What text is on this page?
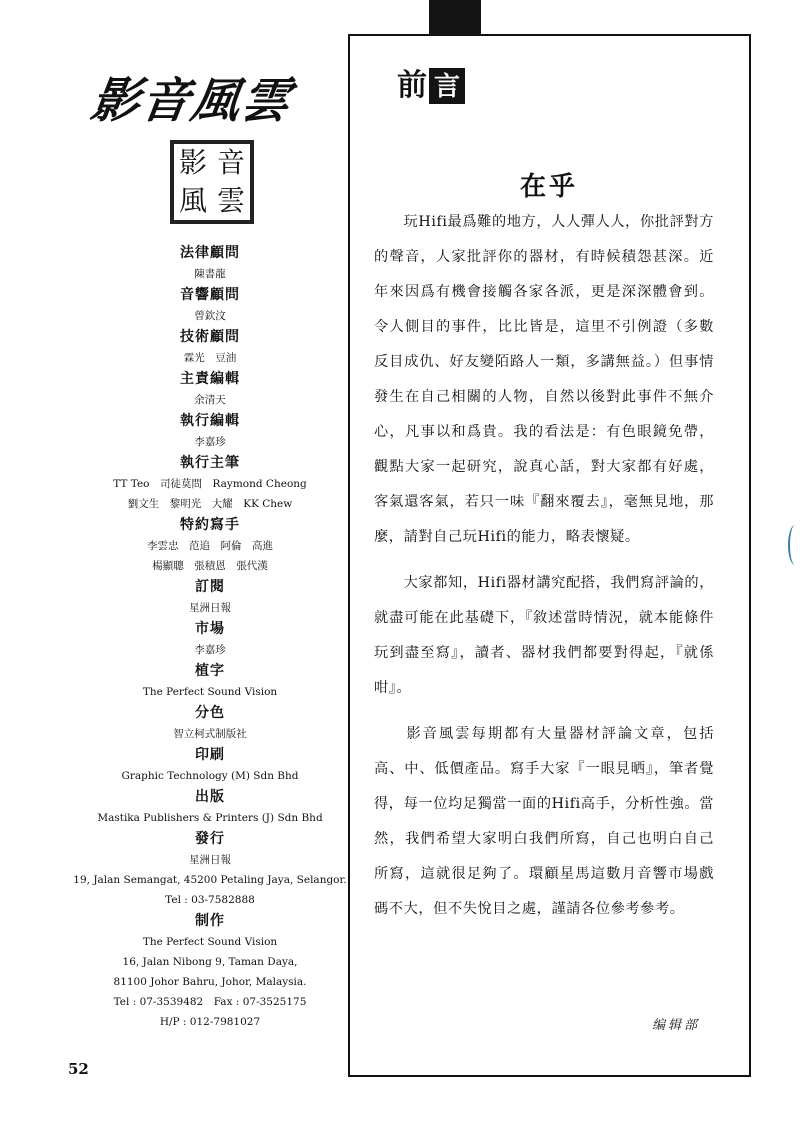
影音風雲
影 音
風 雲
法律顧問
陳書龍
音響顧問
曾欽汶
技術顧問
霖光　豆油
主責編輯
余清天
執行編輯
李嘉珍
執行主筆
TT Teo　司徒莫問　Raymond Cheong
劉文生　黎明光　大耀　KK Chew
特約寫手
李雲忠　范追　阿倫　高進
楊顯聰　張積恩　張代漢
訂閱
星洲日報
市場
李嘉珍
植字
The Perfect Sound Vision
分色
智立柯式制版社
印刷
Graphic Technology (M) Sdn Bhd
出版
Mastika Publishers & Printers (J) Sdn Bhd
發行
星洲日報
19, Jalan Semangat, 45200 Petaling Jaya, Selangor.
Tel : 03-7582888
制作
The Perfect Sound Vision
16, Jalan Nibong 9, Taman Daya,
81100 Johor Bahru, Johor, Malaysia.
Tel : 07-3539482　Fax : 07-3525175
H/P : 012-7981027
52
前 言
在乎

　　玩Hifi最爲難的地方，人人彈人人，你批評對方的聲音，人家批評你的器材，有時候積怨甚深。近年來因爲有機會接觸各家各派，更是深深體會到。令人側目的事件，比比皆是，這里不引例證（多數反目成仇、好友變陌路人一類，多講無益。）但事情發生在自己相關的人物，自然以後對此事件不無介心，凡事以和爲貴。我的看法是：有色眼鏡免帶，觀點大家一起研究，說真心話，對大家都有好處，客氣還客氣，若只一味『翻來覆去』，毫無見地，那麼，請對自己玩Hifi的能力，略表懷疑。

　　大家都知，Hifi器材講究配搭，我們寫評論的，就盡可能在此基礎下，『敘述當時情況，就本能條件玩到盡至寫』，讀者、器材我們都要對得起，『就係咁』。

　　影音風雲每期都有大量器材評論文章，包括高、中、低價產品。寫手大家『一眼見晒』，筆者覺得，每一位均足獨當一面的Hifi高手，分析性強。當然，我們希望大家明白我們所寫，自己也明白自己所寫，這就很足夠了。環顧星馬這數月音響市場戲碼不大，但不失悅目之處，謹請各位參考參考。

编辑部
